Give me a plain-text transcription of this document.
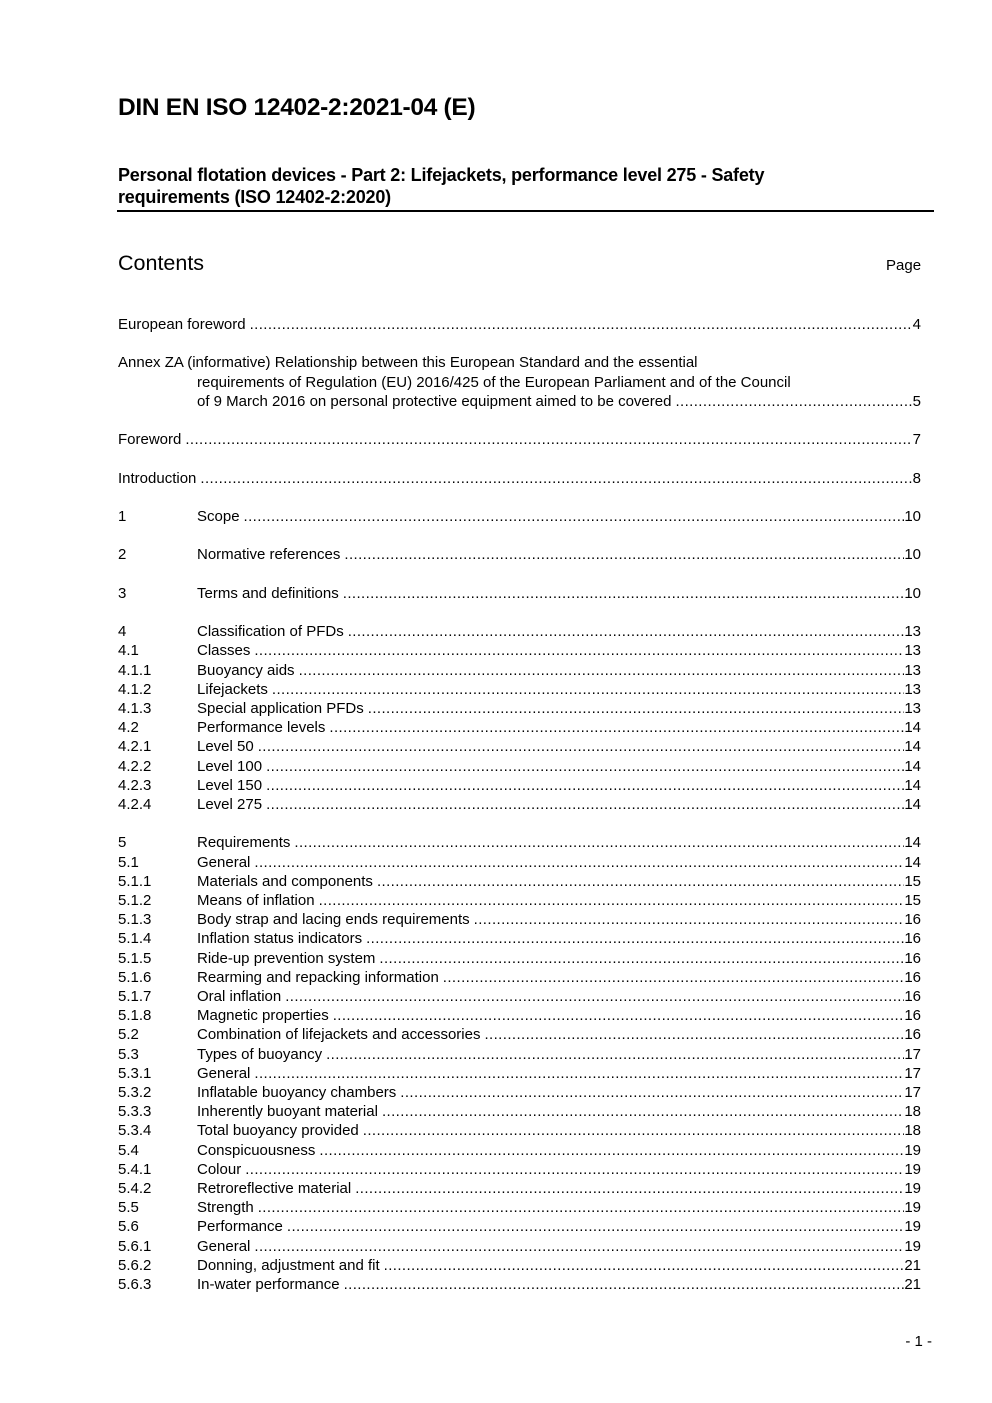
DIN EN ISO 12402-2:2021-04 (E)
Personal flotation devices - Part 2: Lifejackets, performance level 275 - Safety
requirements (ISO 12402-2:2020)
Contents	Page
European foreword .....	4
Annex ZA (informative) Relationship between this European Standard and the essential
requirements of Regulation (EU) 2016/425 of the European Parliament and of the Council
of 9 March 2016 on personal protective equipment aimed to be covered .....	5
Foreword .....	7
Introduction .....	8
1	Scope .....	10
2	Normative references .....	10
3	Terms and definitions .....	10
4	Classification of PFDs .....	13
4.1	Classes .....	13
4.1.1	Buoyancy aids .....	13
4.1.2	Lifejackets .....	13
4.1.3	Special application PFDs .....	13
4.2	Performance levels .....	14
4.2.1	Level 50 .....	14
4.2.2	Level 100 .....	14
4.2.3	Level 150 .....	14
4.2.4	Level 275 .....	14
5	Requirements .....	14
5.1	General .....	14
5.1.1	Materials and components .....	15
5.1.2	Means of inflation .....	15
5.1.3	Body strap and lacing ends requirements .....	16
5.1.4	Inflation status indicators .....	16
5.1.5	Ride-up prevention system .....	16
5.1.6	Rearming and repacking information .....	16
5.1.7	Oral inflation .....	16
5.1.8	Magnetic properties .....	16
5.2	Combination of lifejackets and accessories .....	16
5.3	Types of buoyancy .....	17
5.3.1	General .....	17
5.3.2	Inflatable buoyancy chambers .....	17
5.3.3	Inherently buoyant material .....	18
5.3.4	Total buoyancy provided .....	18
5.4	Conspicuousness .....	19
5.4.1	Colour .....	19
5.4.2	Retroreflective material .....	19
5.5	Strength .....	19
5.6	Performance .....	19
5.6.1	General .....	19
5.6.2	Donning, adjustment and fit .....	21
5.6.3	In-water performance .....	21
- 1 -
